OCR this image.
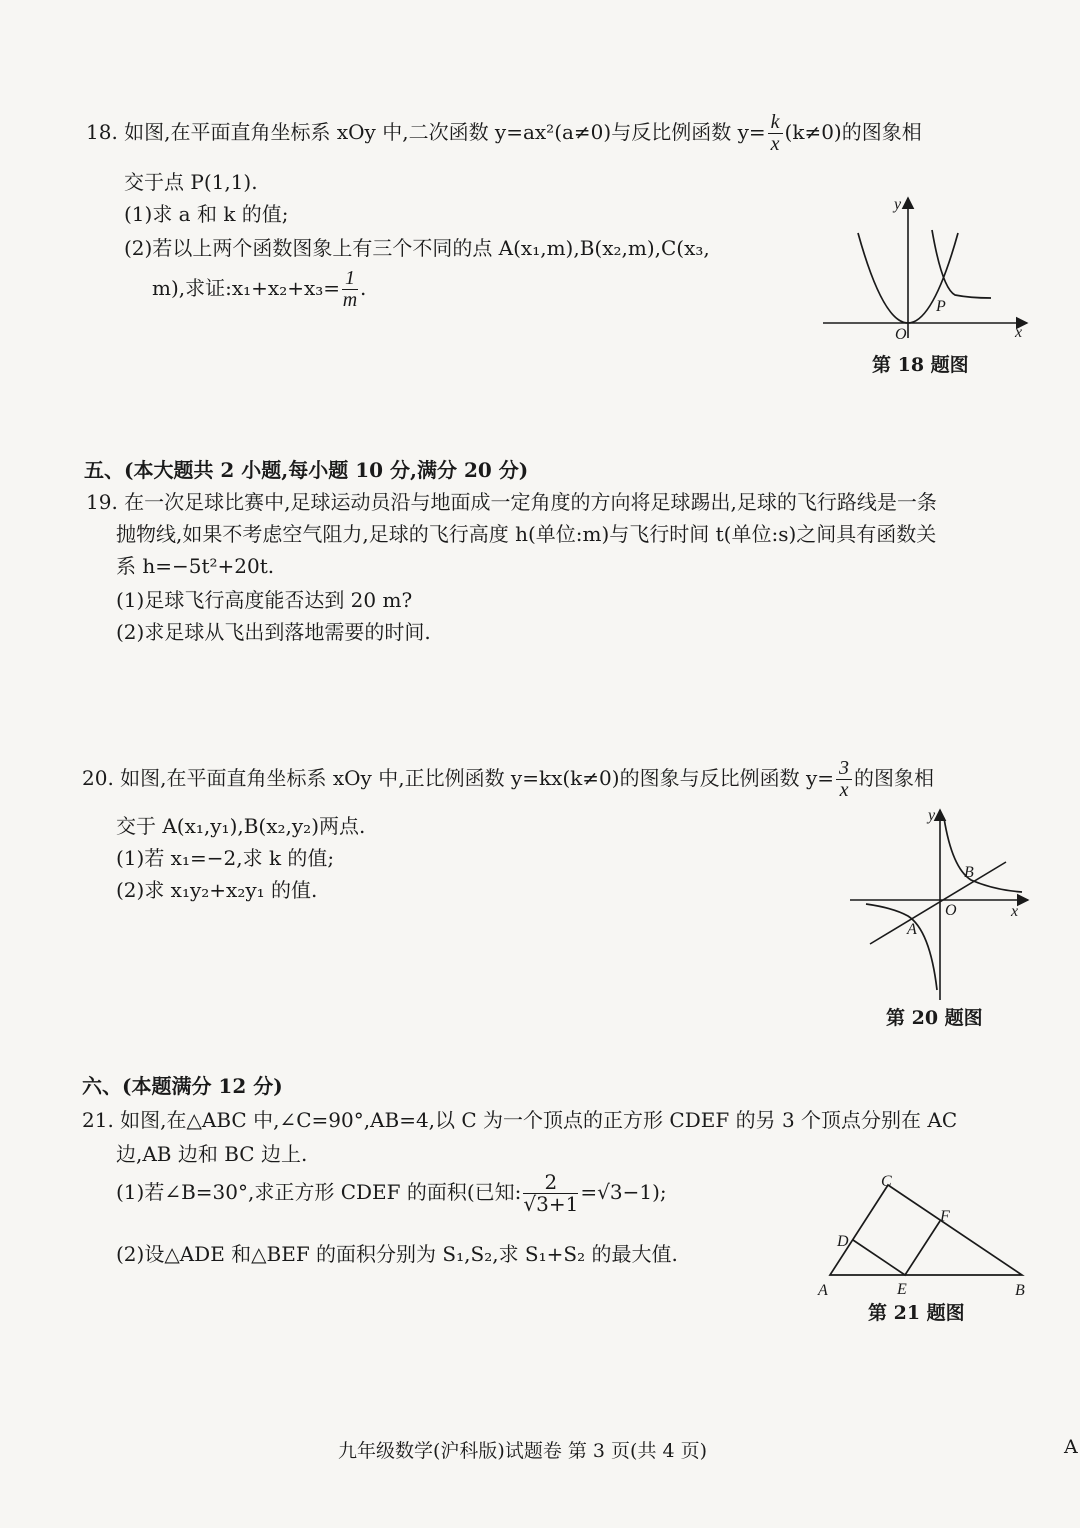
18. 如图,在平面直角坐标系 xOy 中,二次函数 y=ax²(a≠0)与反比例函数 $y= \frac{k}{x} (k\ne 0)$的图象相
交于点 P(1,1).
(1)求 a 和 k 的值;
(2)若以上两个函数图象上有三个不同的点 A(x₁,m),B(x₂,m),C(x₃,
m),求证:x₁+x₂+x₃= $\frac{1}{m}$ .
y
x
O
P
第 18 题图
五、(本大题共 2 小题,每小题 10 分,满分 20 分)
19. 在一次足球比赛中,足球运动员沿与地面成一定角度的方向将足球踢出,足球的飞行路线是一条
抛物线,如果不考虑空气阻力,足球的飞行高度 h(单位:m)与飞行时间 t(单位:s)之间具有函数关
系 h=−5t²+20t.
(1)足球飞行高度能否达到 20 m?
(2)求足球从飞出到落地需要的时间.
20. 如图,在平面直角坐标系 xOy 中,正比例函数 y=kx(k≠0)的图象与反比例函数 $y= \frac{3}{x}$ 的图象相
交于 A(x₁,y₁),B(x₂,y₂)两点.
(1)若 x₁=−2,求 k 的值;
(2)求 x₁y₂+x₂y₁ 的值.
y
x
O
A
B
第 20 题图
六、(本题满分 12 分)
21. 如图,在△ABC 中,∠C=90°,AB=4,以 C 为一个顶点的正方形 CDEF 的另 3 个顶点分别在 AC
边,AB 边和 BC 边上.
(1)若∠B=30°,求正方形 CDEF 的面积(已知: $\frac{2}{√3+1} =√3-1$);
(2)设△ADE 和△BEF 的面积分别为 S₁,S₂,求 S₁+S₂ 的最大值.
C
D
F
A	E	B
第 21 题图
九年级数学(沪科版)试题卷 第 3 页(共 4 页)	A
